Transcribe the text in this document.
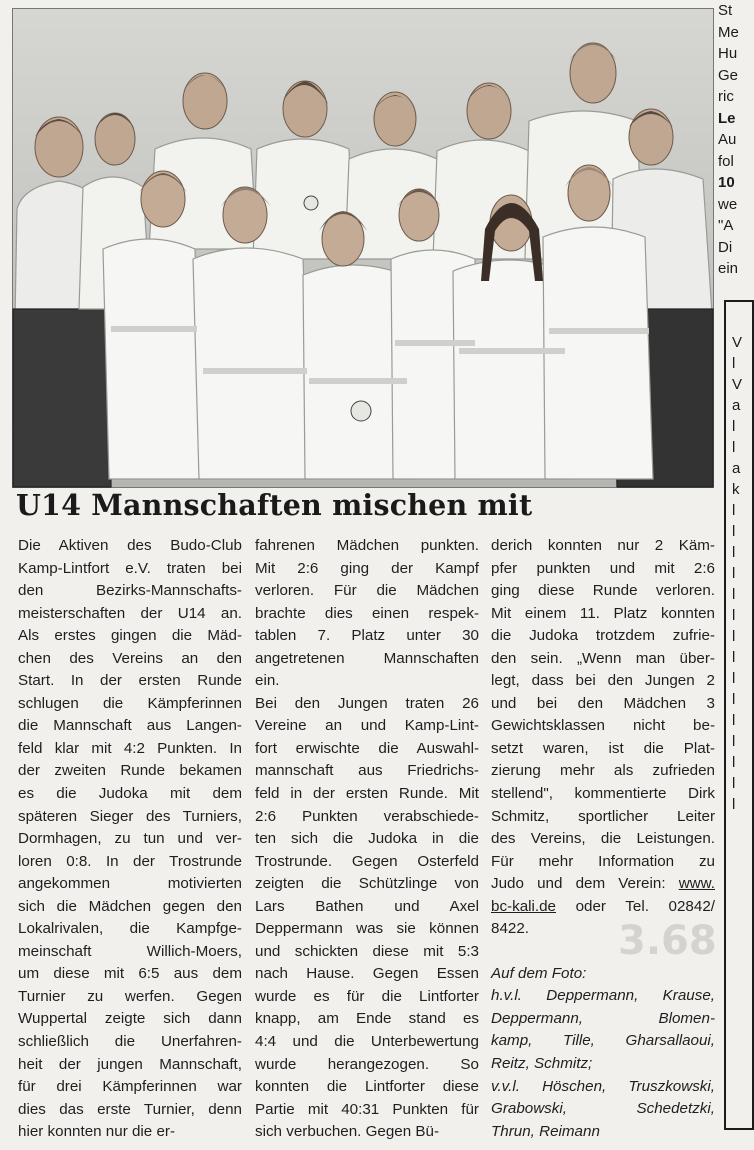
St
Me
Hu
Ge
ric
Le
Au
fol
10
we
"A
Di
ein
V
l
V
a
l
l
a
k
l
l
l
l
l
l
l
l
l
l
l
l
l
l
l
3.68
U14 Mannschaften mischen mit
Die Aktiven des Budo-Club
Kamp-Lintfort e.V. traten bei
den Bezirks-Mannschafts-
meisterschaften der U14 an.
Als erstes gingen die Mäd-
chen des Vereins an den
Start. In der ersten Runde
schlugen die Kämpferinnen
die Mannschaft aus Langen-
feld klar mit 4:2 Punkten. In
der zweiten Runde bekamen
es die Judoka mit dem
späteren Sieger des Turniers,
Dormhagen, zu tun und ver-
loren 0:8. In der Trostrunde
angekommen motivierten
sich die Mädchen gegen den
Lokalrivalen, die Kampfge-
meinschaft Willich-Moers,
um diese mit 6:5 aus dem
Turnier zu werfen. Gegen
Wuppertal zeigte sich dann
schließlich die Unerfahren-
heit der jungen Mannschaft,
für drei Kämpferinnen war
dies das erste Turnier, denn
hier konnten nur die er-
fahrenen Mädchen punkten.
Mit 2:6 ging der Kampf
verloren. Für die Mädchen
brachte dies einen respek-
tablen 7. Platz unter 30
angetretenen Mannschaften
ein.
Bei den Jungen traten 26
Vereine an und Kamp-Lint-
fort erwischte die Auswahl-
mannschaft aus Friedrichs-
feld in der ersten Runde. Mit
2:6 Punkten verabschiede-
ten sich die Judoka in die
Trostrunde. Gegen Osterfeld
zeigten die Schützlinge von
Lars Bathen und Axel
Deppermann was sie können
und schickten diese mit 5:3
nach Hause. Gegen Essen
wurde es für die Lintforter
knapp, am Ende stand es
4:4 und die Unterbewertung
wurde herangezogen. So
konnten die Lintforter diese
Partie mit 40:31 Punkten für
sich verbuchen. Gegen Bü-
derich konnten nur 2 Käm-
pfer punkten und mit 2:6
ging diese Runde verloren.
Mit einem 11. Platz konnten
die Judoka trotzdem zufrie-
den sein. „Wenn man über-
legt, dass bei den Jungen 2
und bei den Mädchen 3
Gewichtsklassen nicht be-
setzt waren, ist die Plat-
zierung mehr als zufrieden
stellend", kommentierte Dirk
Schmitz, sportlicher Leiter
des Vereins, die Leistungen.
Für mehr Information zu
Judo und dem Verein: www.
bc-kali.de oder Tel. 02842/
8422.
Auf dem Foto:
h.v.l. Deppermann, Krause,
Deppermann, Blomen-
kamp, Tille, Gharsallaoui,
Reitz, Schmitz;
v.v.l. Höschen, Truszkowski,
Grabowski, Schedetzki,
Thrun, Reimann
